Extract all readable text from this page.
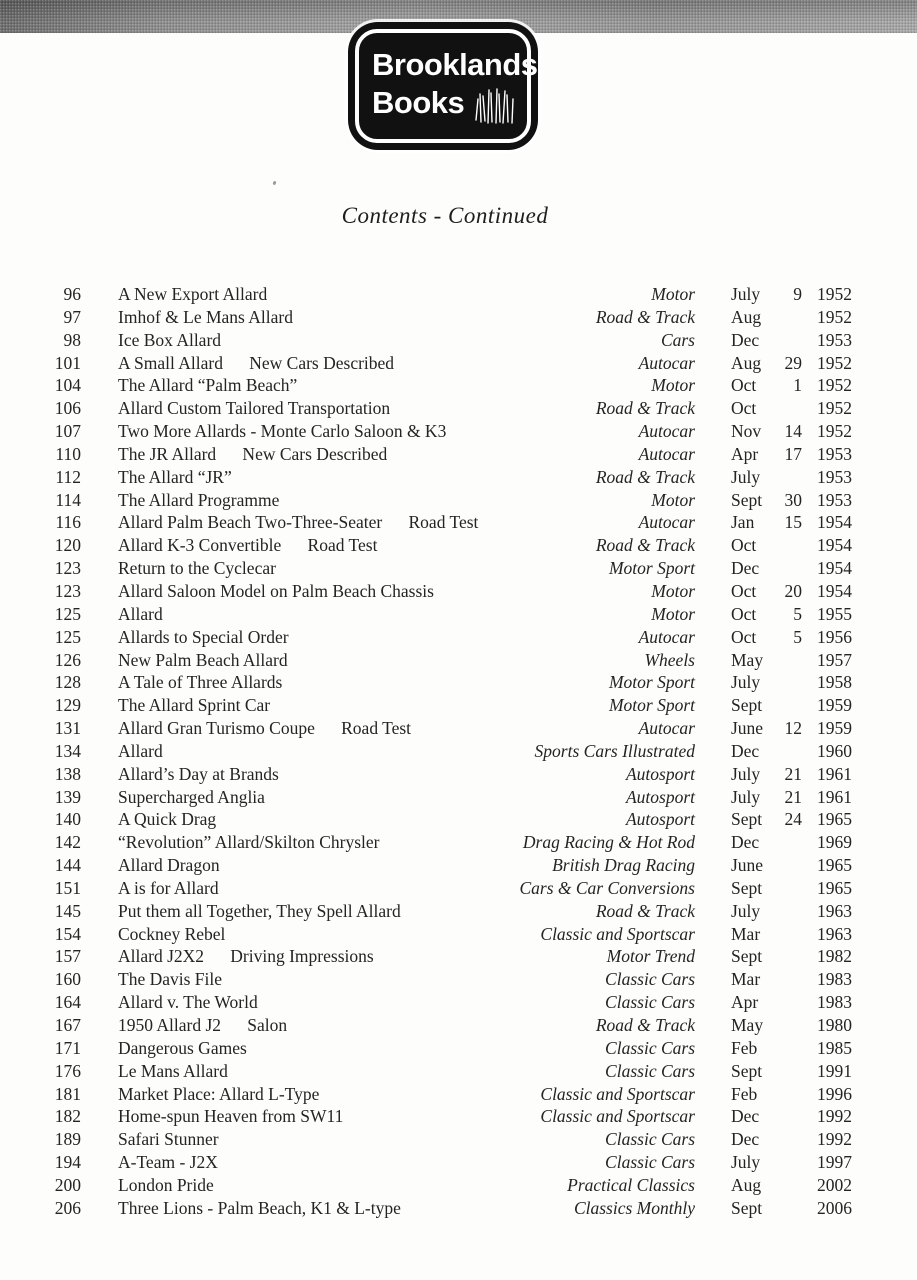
Brooklands
Books
Contents - Continued
96	A New Export Allard	Motor	July	9 1952
97	Imhof & Le Mans Allard	Road & Track	Aug	1952
98	Ice Box Allard	Cars	Dec	1953
101	A Small Allard      New Cars Described	Autocar	Aug	29 1952
104	The Allard “Palm Beach”	Motor	Oct	1 1952
106	Allard Custom Tailored Transportation	Road & Track	Oct	1952
107	Two More Allards - Monte Carlo Saloon & K3	Autocar	Nov	14 1952
110	The JR Allard      New Cars Described	Autocar	Apr	17 1953
112	The Allard “JR”	Road & Track	July	1953
114	The Allard Programme	Motor	Sept	30 1953
116	Allard Palm Beach Two-Three-Seater      Road Test	Autocar	Jan	15 1954
120	Allard K-3 Convertible      Road Test	Road & Track	Oct	1954
123	Return to the Cyclecar	Motor Sport	Dec	1954
123	Allard Saloon Model on Palm Beach Chassis	Motor	Oct	20 1954
125	Allard	Motor	Oct	5 1955
125	Allards to Special Order	Autocar	Oct	5 1956
126	New Palm Beach Allard	Wheels	May	1957
128	A Tale of Three Allards	Motor Sport	July	1958
129	The Allard Sprint Car	Motor Sport	Sept	1959
131	Allard Gran Turismo Coupe      Road Test	Autocar	June	12 1959
134	Allard	Sports Cars Illustrated	Dec	1960
138	Allard’s Day at Brands	Autosport	July	21 1961
139	Supercharged Anglia	Autosport	July	21 1961
140	A Quick Drag	Autosport	Sept	24 1965
142	“Revolution” Allard/Skilton Chrysler	Drag Racing & Hot Rod	Dec	1969
144	Allard Dragon	British Drag Racing	June	1965
151	A is for Allard	Cars & Car Conversions	Sept	1965
145	Put them all Together, They Spell Allard	Road & Track	July	1963
154	Cockney Rebel	Classic and Sportscar	Mar	1963
157	Allard J2X2      Driving Impressions	Motor Trend	Sept	1982
160	The Davis File	Classic Cars	Mar	1983
164	Allard v. The World	Classic Cars	Apr	1983
167	1950 Allard J2      Salon	Road & Track	May	1980
171	Dangerous Games	Classic Cars	Feb	1985
176	Le Mans Allard	Classic Cars	Sept	1991
181	Market Place: Allard L-Type	Classic and Sportscar	Feb	1996
182	Home-spun Heaven from SW11	Classic and Sportscar	Dec	1992
189	Safari Stunner	Classic Cars	Dec	1992
194	A-Team - J2X	Classic Cars	July	1997
200	London Pride	Practical Classics	Aug	2002
206	Three Lions - Palm Beach, K1 & L-type	Classics Monthly	Sept	2006
